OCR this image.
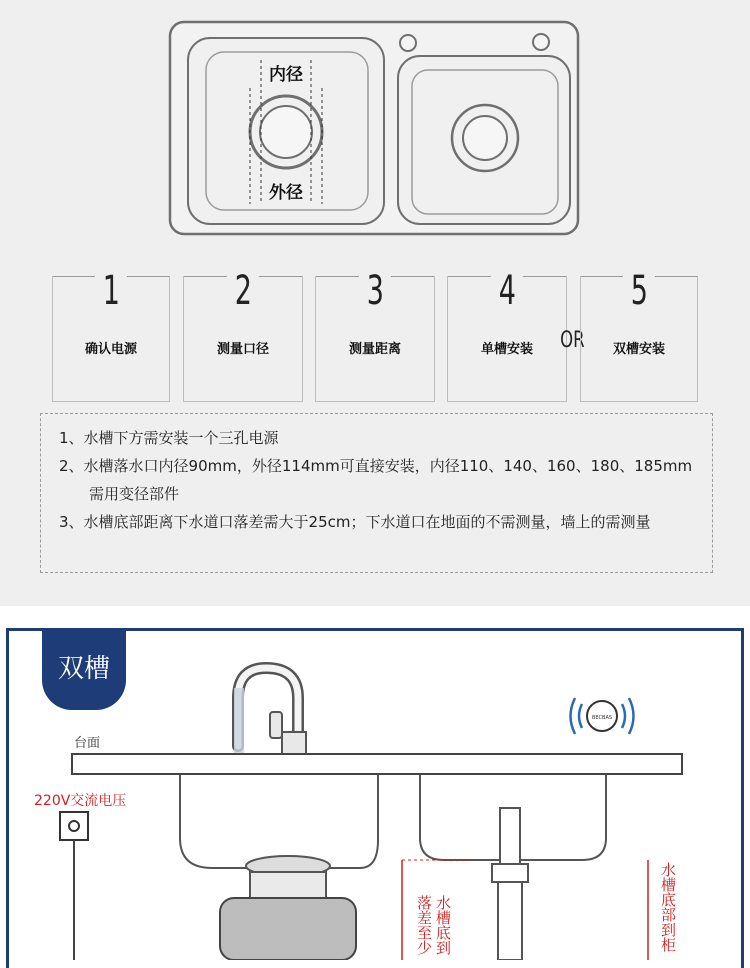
内径
外径
1
确认电源
2
测量口径
3
测量距离
4
单槽安装	OR
5
双槽安装
1、水槽下方需安装一个三孔电源
2、水槽落水口内径90mm，外径114mm可直接安装，内径110、140、160、180、185mm需用变径部件
3、水槽底部距离下水道口落差需大于25cm；下水道口在地面的不需测量，墙上的需测量
BECBAS
双槽
台面
220V交流电压
落差至少 水槽底到	水槽底部到柜
